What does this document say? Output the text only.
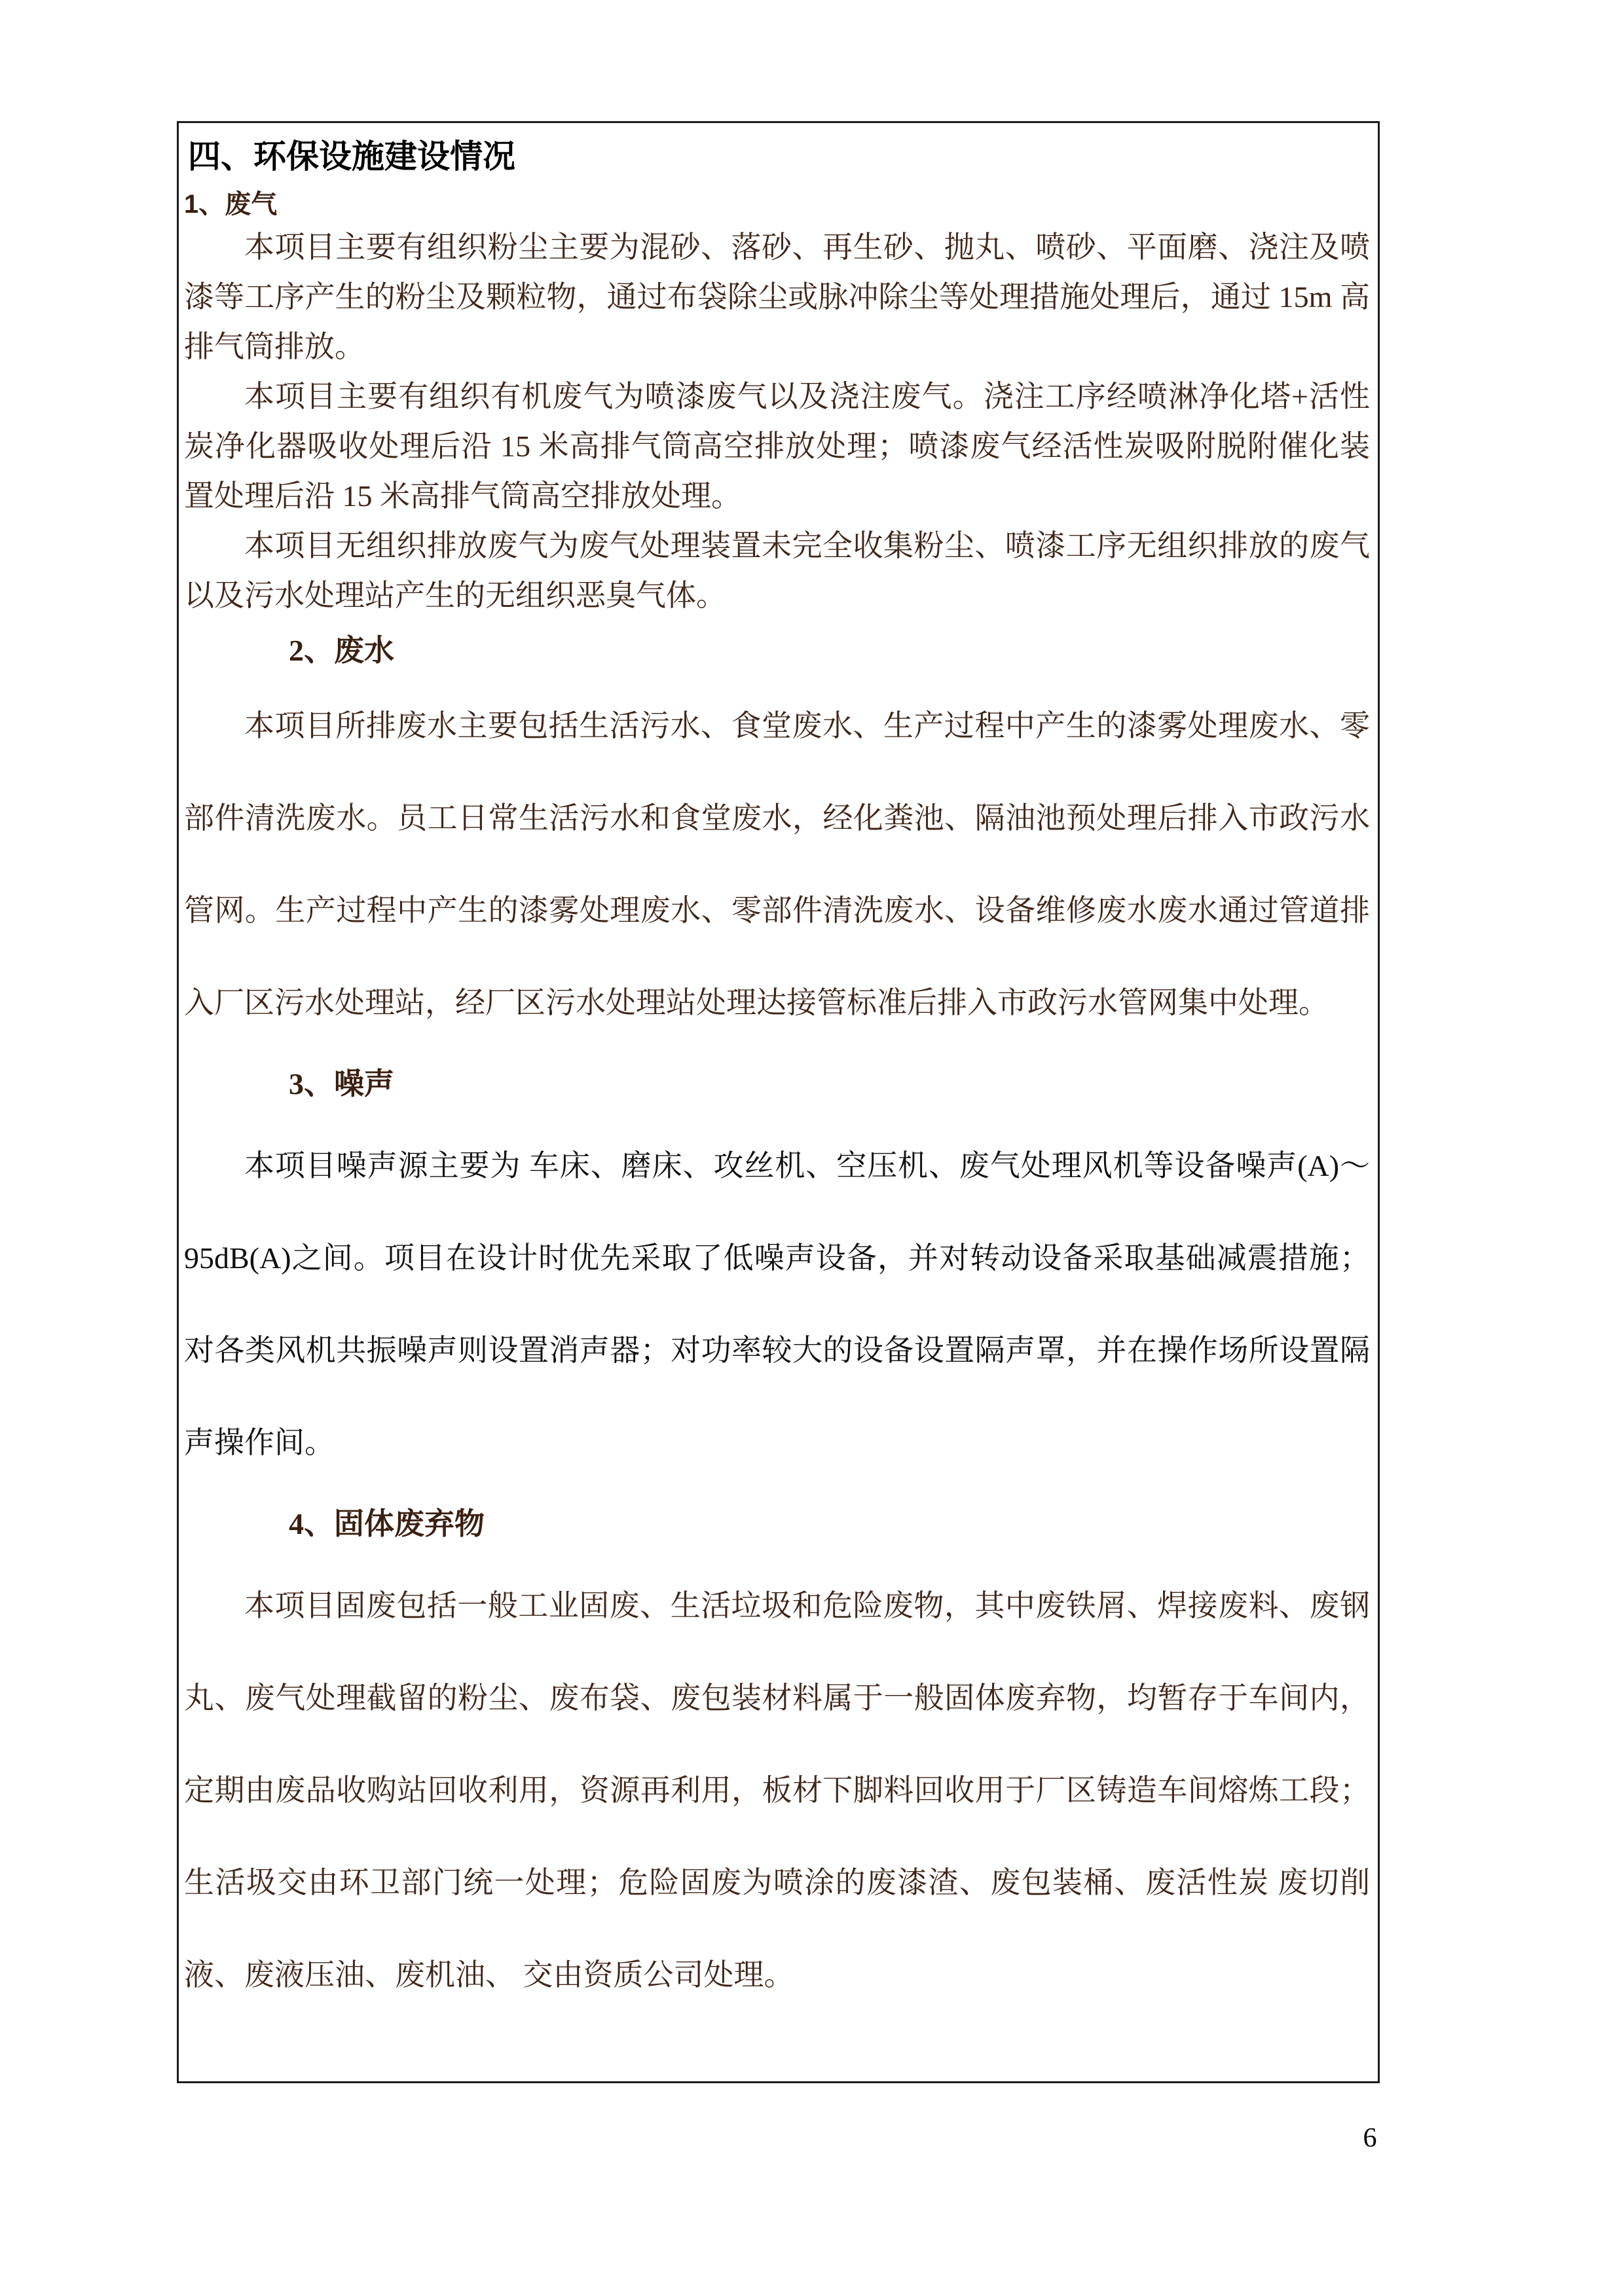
四、环保设施建设情况
1、废气

本项目主要有组织粉尘主要为混砂、落砂、再生砂、抛丸、喷砂、平面磨、浇注及喷漆等工序产生的粉尘及颗粒物，通过布袋除尘或脉冲除尘等处理措施处理后，通过 15m 高排气筒排放。

本项目主要有组织有机废气为喷漆废气以及浇注废气。浇注工序经喷淋净化塔+活性炭净化器吸收处理后沿 15 米高排气筒高空排放处理；喷漆废气经活性炭吸附脱附催化装置处理后沿 15 米高排气筒高空排放处理。

本项目无组织排放废气为废气处理装置未完全收集粉尘、喷漆工序无组织排放的废气以及污水处理站产生的无组织恶臭气体。

2、废水

本项目所排废水主要包括生活污水、食堂废水、生产过程中产生的漆雾处理废水、零部件清洗废水。员工日常生活污水和食堂废水，经化粪池、隔油池预处理后排入市政污水管网。生产过程中产生的漆雾处理废水、零部件清洗废水、设备维修废水废水通过管道排入厂区污水处理站，经厂区污水处理站处理达接管标准后排入市政污水管网集中处理。

3、噪声

本项目噪声源主要为 车床、磨床、攻丝机、空压机、废气处理风机等设备噪声(A)～95dB(A)之间。项目在设计时优先采取了低噪声设备，并对转动设备采取基础减震措施；对各类风机共振噪声则设置消声器；对功率较大的设备设置隔声罩，并在操作场所设置隔声操作间。

4、固体废弃物

本项目固废包括一般工业固废、生活垃圾和危险废物，其中废铁屑、焊接废料、废钢丸、废气处理截留的粉尘、废布袋、废包装材料属于一般固体废弃物，均暂存于车间内，定期由废品收购站回收利用，资源再利用，板材下脚料回收用于厂区铸造车间熔炼工段；生活圾交由环卫部门统一处理；危险固废为喷涂的废漆渣、废包装桶、废活性炭 废切削液、废液压油、废机油、 交由资质公司处理。

6
